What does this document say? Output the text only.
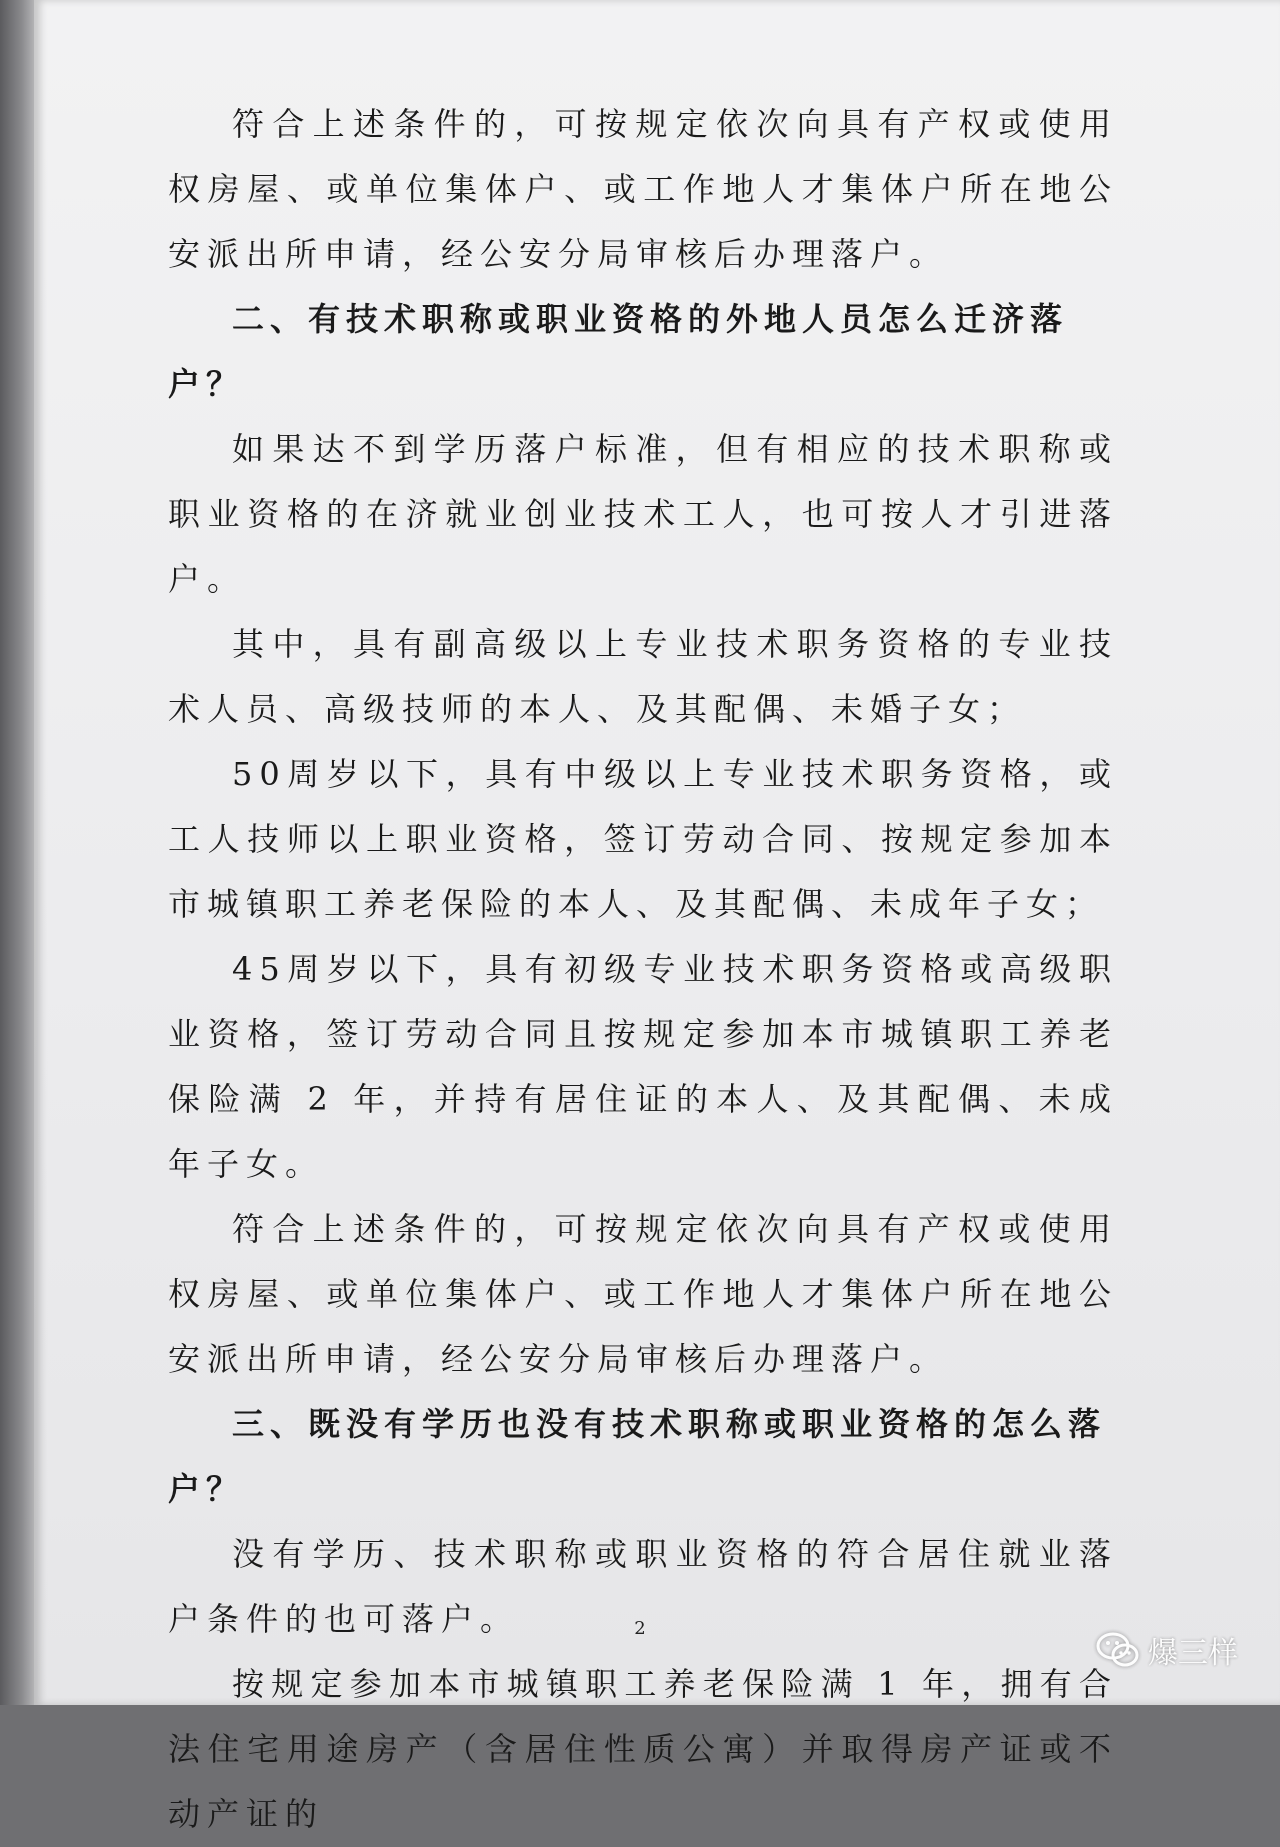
符合上述条件的，可按规定依次向具有产权或使用权房屋、或单位集体户、或工作地人才集体户所在地公安派出所申请，经公安分局审核后办理落户。

二、有技术职称或职业资格的外地人员怎么迁济落户？

如果达不到学历落户标准，但有相应的技术职称或职业资格的在济就业创业技术工人，也可按人才引进落户。

其中，具有副高级以上专业技术职务资格的专业技术人员、高级技师的本人、及其配偶、未婚子女；

50周岁以下，具有中级以上专业技术职务资格，或工人技师以上职业资格，签订劳动合同、按规定参加本市城镇职工养老保险的本人、及其配偶、未成年子女；

45周岁以下，具有初级专业技术职务资格或高级职业资格，签订劳动合同且按规定参加本市城镇职工养老保险满 2 年，并持有居住证的本人、及其配偶、未成年子女。

符合上述条件的，可按规定依次向具有产权或使用权房屋、或单位集体户、或工作地人才集体户所在地公安派出所申请，经公安分局审核后办理落户。

三、既没有学历也没有技术职称或职业资格的怎么落户？

没有学历、技术职称或职业资格的符合居住就业落户条件的也可落户。

按规定参加本市城镇职工养老保险满 1 年，拥有合法住宅用途房产（含居住性质公寓）并取得房产证或不动产证的

2
爆三样
